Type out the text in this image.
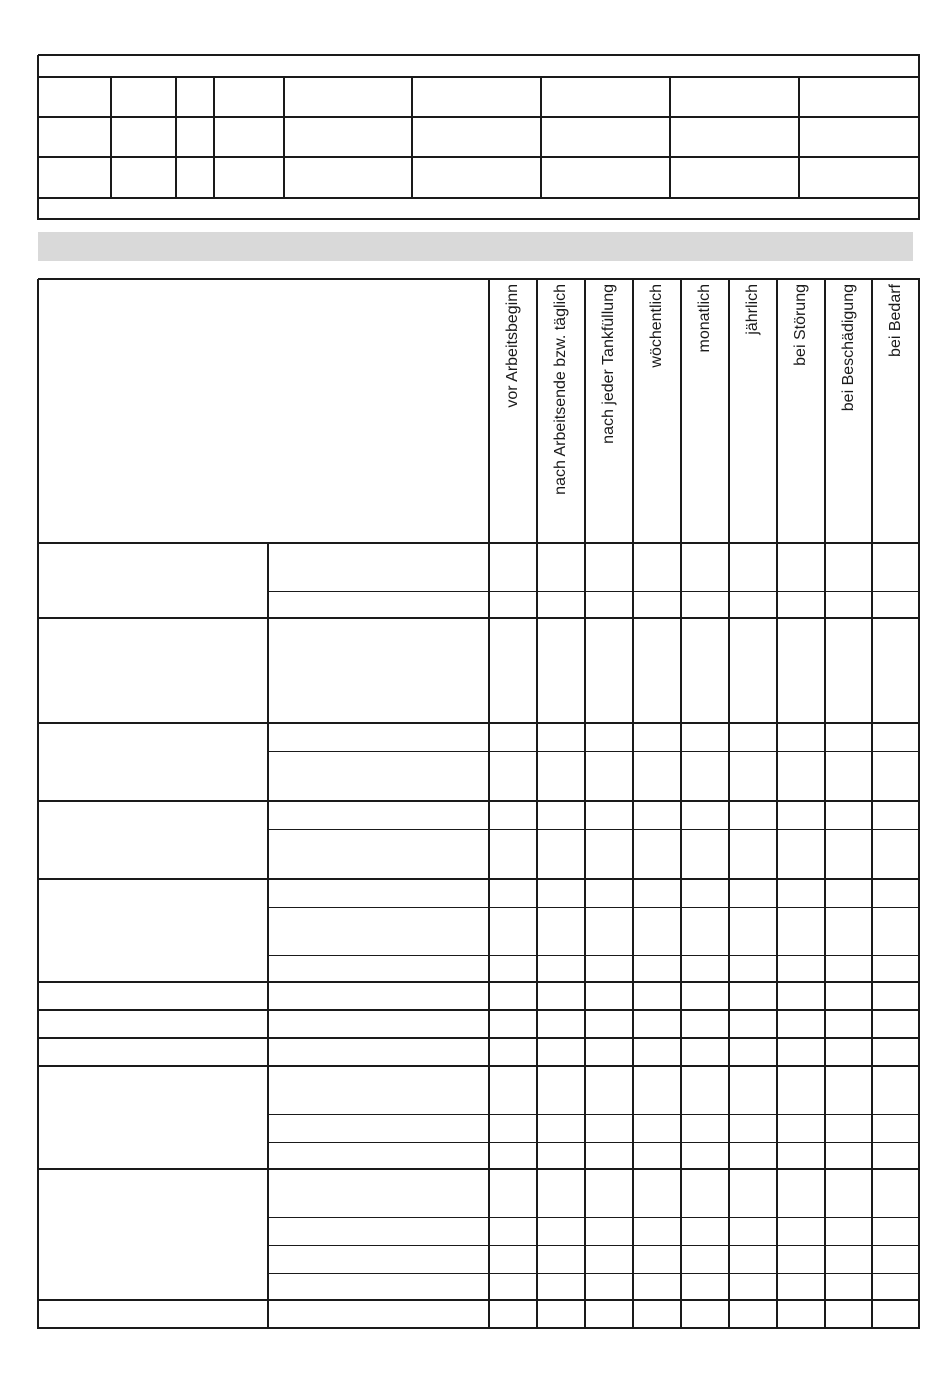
vor Arbeitsbeginn nach Arbeitsende bzw. täglich nach jeder Tankfüllung wöchentlich monatlich jährlich bei Störung bei Beschädigung bei Bedarf
